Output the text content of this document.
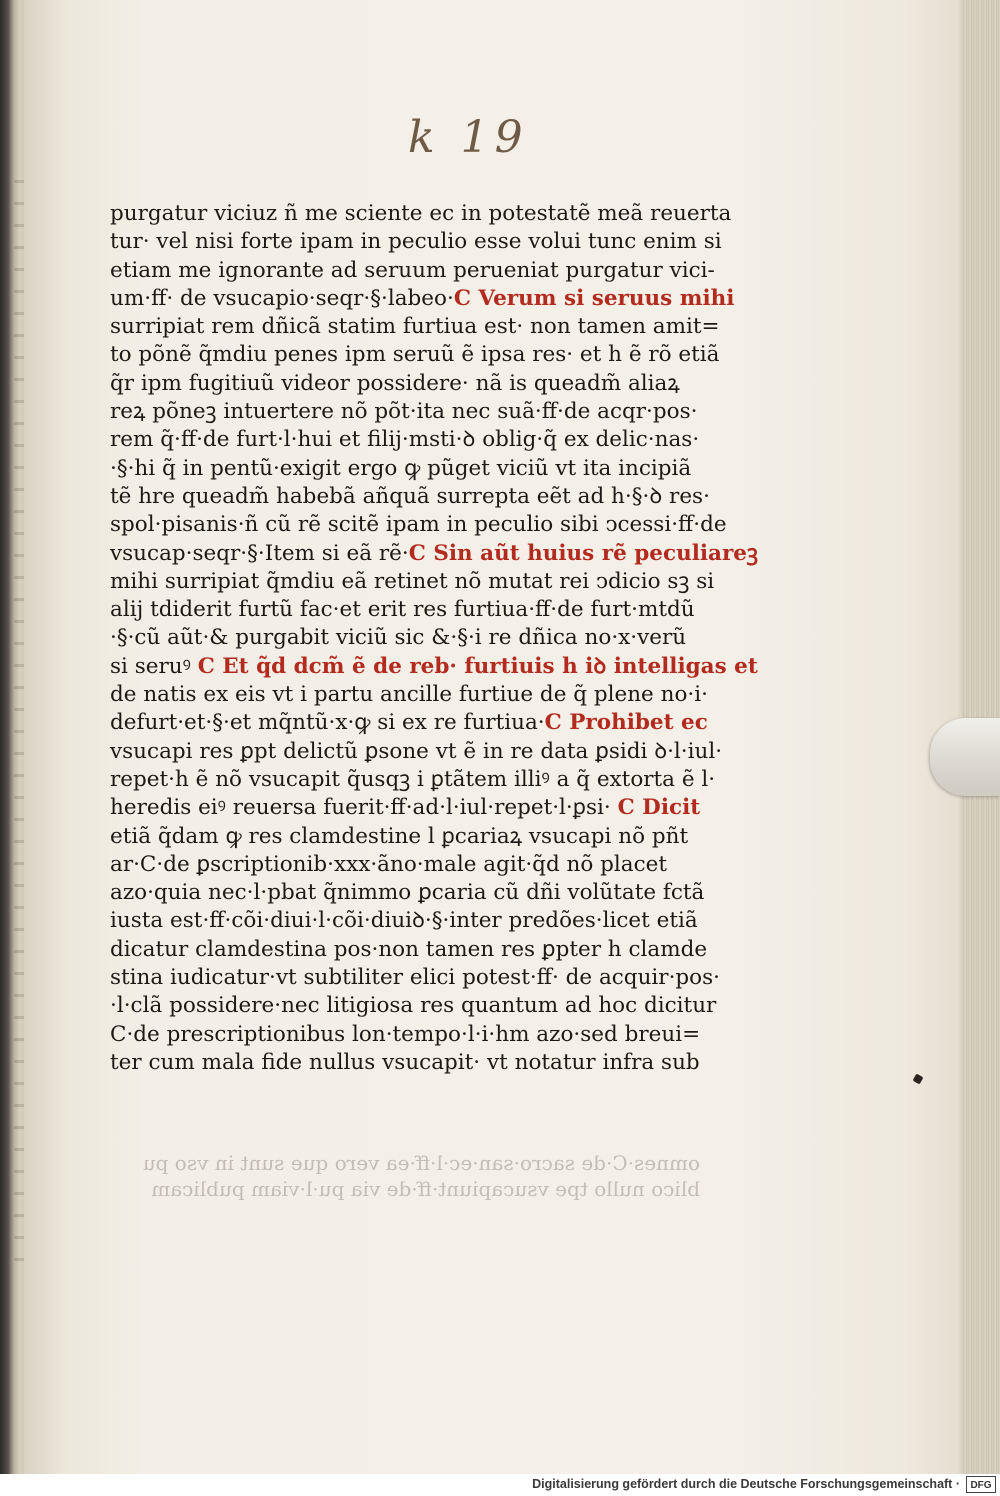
k 19
purgatur viciuz ñ me sciente ec in potestatẽ meã reuerta
tur· vel nisi forte ipam in peculio esse volui tunc enim si
etiam me ignorante ad seruum perueniat purgatur vici-
um·ff· de vsucapio·seqr·§·labeo·C Verum si seruus mihi
surripiat rem dñicã statim furtiua est· non tamen amit=
to põnẽ q̃mdiu penes ipm seruũ ẽ ipsa res· et h ẽ rõ etiã
q̃r ipm fugitiuũ videor possidere· nã is queadm̃ aliaꝝ
reꝝ põneꝫ intuertere nõ põt·ita nec suã·ff·de acqr·pos·
rem q̃·ff·de furt·l·hui et filij·msti·ꝺ oblig·q̃ ex delic·nas·
·§·hi q̃ in pentũ·exigit ergo ꝙ pũget viciũ vt ita incipiã
tẽ hre queadm̃ habebã añquã surrepta eẽt ad h·§·ꝺ res·
spol·pisanis·ñ cũ rẽ scitẽ ipam in peculio sibi ↄcessi·ff·de
vsucap·seqr·§·Item si eã rẽ·C Sin aũt huius rẽ peculiareꝫ
mihi surripiat q̃mdiu eã retinet nõ mutat rei ↄdicio sꝫ si
alij tdiderit furtũ fac·et erit res furtiua·ff·de furt·mtdũ
·§·cũ aũt·& purgabit viciũ sic &·§·i re dñica no·x·verũ
si seruꝰ C Et q̃d dcm̃ ẽ de reb· furtiuis h iꝺ intelligas et
de natis ex eis vt i partu ancille furtiue de q̃ plene no·i·
defurt·et·§·et mq̃ntũ·x·ꝙ si ex re furtiua·C Prohibet ec
vsucapi res ꝑpt delictũ ꝑsone vt ẽ in re data ꝑsidi ꝺ·l·iul·
repet·h ẽ nõ vsucapit q̃usqꝫ i ꝑtãtem illiꝰ a q̃ extorta ẽ l·
heredis eiꝰ reuersa fuerit·ff·ad·l·iul·repet·l·ꝑsi· C Dicit
etiã q̃dam ꝙ res clamdestine l ꝑcariaꝝ vsucapi nõ pñt
ar·C·de ꝑscriptionib·xxx·ãno·male agit·q̃d nõ placet
azo·quia nec·l·pbat q̃nimmo ꝑcaria cũ dñi volũtate fctã
iusta est·ff·cõi·diui·l·cõi·diuiꝺ·§·inter predões·licet etiã
dicatur clamdestina pos·non tamen res ꝑpter h clamde
stina iudicatur·vt subtiliter elici potest·ff· de acquir·pos·
·l·clã possidere·nec litigiosa res quantum ad hoc dicitur
C·de prescriptionibus lon·tempo·l·i·hm azo·sed breui=
ter cum mala fide nullus vsucapit· vt notatur infra sub
omnes·C·de sacro·san·ec·l·ff·ea vero que sunt in vso pu
blico nullo tpe vsucapiunt·ff·de via pu·l·viam publicam
Digitalisierung gefördert durch die Deutsche Forschungsgemeinschaft ·	DFG
